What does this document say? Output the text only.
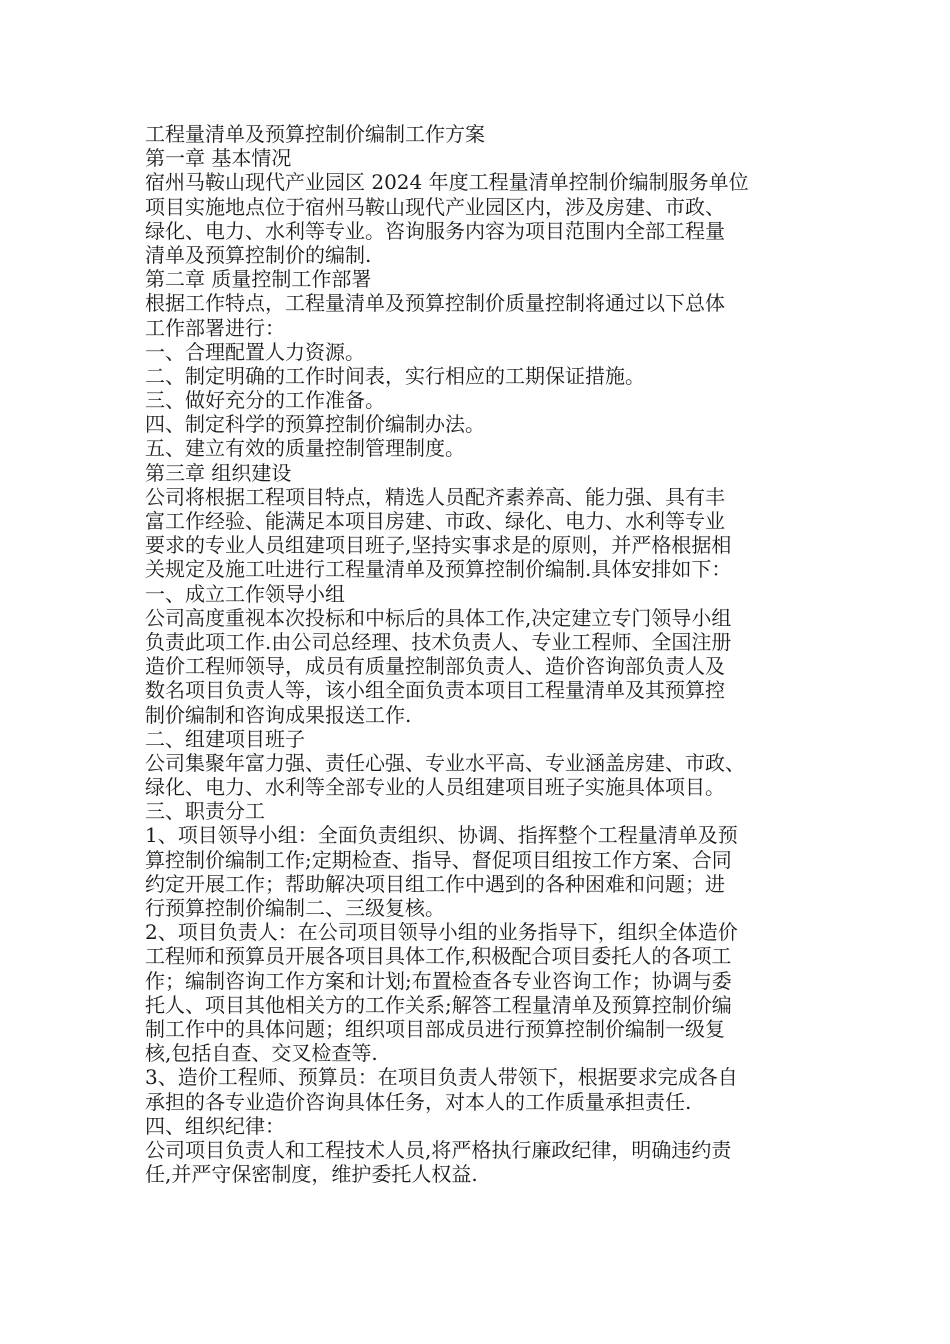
工程量清单及预算控制价编制工作方案
第一章 基本情况
宿州马鞍山现代产业园区 2024 年度工程量清单控制价编制服务单位
项目实施地点位于宿州马鞍山现代产业园区内，涉及房建、市政、
绿化、电力、水利等专业。咨询服务内容为项目范围内全部工程量
清单及预算控制价的编制.
第二章 质量控制工作部署
根据工作特点，工程量清单及预算控制价质量控制将通过以下总体
工作部署进行：
一、合理配置人力资源。
二、制定明确的工作时间表，实行相应的工期保证措施。
三、做好充分的工作准备。
四、制定科学的预算控制价编制办法。
五、建立有效的质量控制管理制度。
第三章 组织建设
公司将根据工程项目特点，精选人员配齐素养高、能力强、具有丰
富工作经验、能满足本项目房建、市政、绿化、电力、水利等专业
要求的专业人员组建项目班子,坚持实事求是的原则，并严格根据相
关规定及施工吐进行工程量清单及预算控制价编制.具体安排如下：
一、成立工作领导小组
公司高度重视本次投标和中标后的具体工作,决定建立专门领导小组
负责此项工作.由公司总经理、技术负责人、专业工程师、全国注册
造价工程师领导，成员有质量控制部负责人、造价咨询部负责人及
数名项目负责人等，该小组全面负责本项目工程量清单及其预算控
制价编制和咨询成果报送工作.
二、组建项目班子
公司集聚年富力强、责任心强、专业水平高、专业涵盖房建、市政、
绿化、电力、水利等全部专业的人员组建项目班子实施具体项目。
三、职责分工
1、项目领导小组：全面负责组织、协调、指挥整个工程量清单及预
算控制价编制工作;定期检查、指导、督促项目组按工作方案、合同
约定开展工作；帮助解决项目组工作中遇到的各种困难和问题；进
行预算控制价编制二、三级复核。
2、项目负责人：在公司项目领导小组的业务指导下，组织全体造价
工程师和预算员开展各项目具体工作,积极配合项目委托人的各项工
作；编制咨询工作方案和计划;布置检查各专业咨询工作；协调与委
托人、项目其他相关方的工作关系;解答工程量清单及预算控制价编
制工作中的具体问题；组织项目部成员进行预算控制价编制一级复
核,包括自查、交叉检查等.
3、造价工程师、预算员：在项目负责人带领下，根据要求完成各自
承担的各专业造价咨询具体任务，对本人的工作质量承担责任.
四、组织纪律：
公司项目负责人和工程技术人员,将严格执行廉政纪律，明确违约责
任,并严守保密制度，维护委托人权益.
